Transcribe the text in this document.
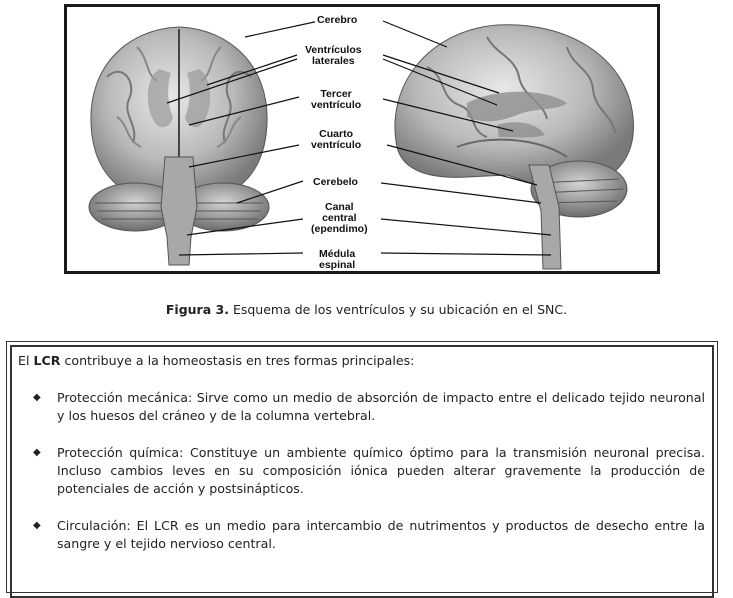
Cerebro
Ventrículos
laterales
Tercer
ventrículo
Cuarto
ventrículo
Cerebelo
Canal
central
(ependimo)
Médula
espinal
Figura 3. Esquema de los ventrículos y su ubicación en el SNC.
El LCR contribuye a la homeostasis en tres formas principales:
◆ Protección mecánica: Sirve como un medio de absorción de impacto entre el delicado tejido neuronal y los huesos del cráneo y de la columna vertebral.
◆ Protección química: Constituye un ambiente químico óptimo para la transmisión neuronal precisa. Incluso cambios leves en su composición iónica pueden alterar gravemente la producción de potenciales de acción y postsinápticos.
◆ Circulación: El LCR es un medio para intercambio de nutrimentos y productos de desecho entre la sangre y el tejido nervioso central.
